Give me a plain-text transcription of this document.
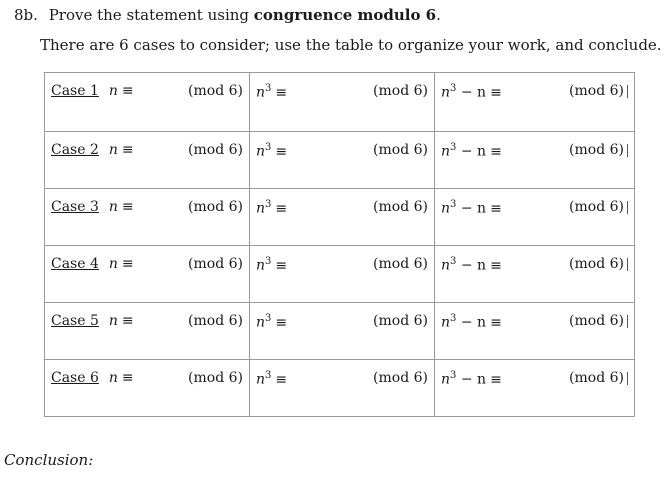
8b. Prove the statement using congruence modulo 6.
There are 6 cases to consider; use the table to organize your work, and conclude.
Case 1 n ≡ (mod 6)	$n^3 \equiv (mod$ 6)	$n^3 - n \equiv (mod$ 6)

Case 2 n ≡ (mod 6)	$n^3 \equiv (mod$ 6)	$n^3 - n \equiv (mod$ 6)

Case 3 n ≡ (mod 6)	$n^3 \equiv (mod$ 6)	$n^3 - n \equiv (mod$ 6)

Case 4 n ≡ (mod 6)	$n^3 \equiv (mod$ 6)	$n^3 - n \equiv (mod$ 6)

Case 5 n ≡ (mod 6)	$n^3 \equiv (mod$ 6)	$n^3 - n \equiv (mod$ 6)

Case 6 n ≡ (mod 6)	$n^3 \equiv (mod$ 6)	$n^3 - n \equiv (mod$ 6)
Conclusion:
